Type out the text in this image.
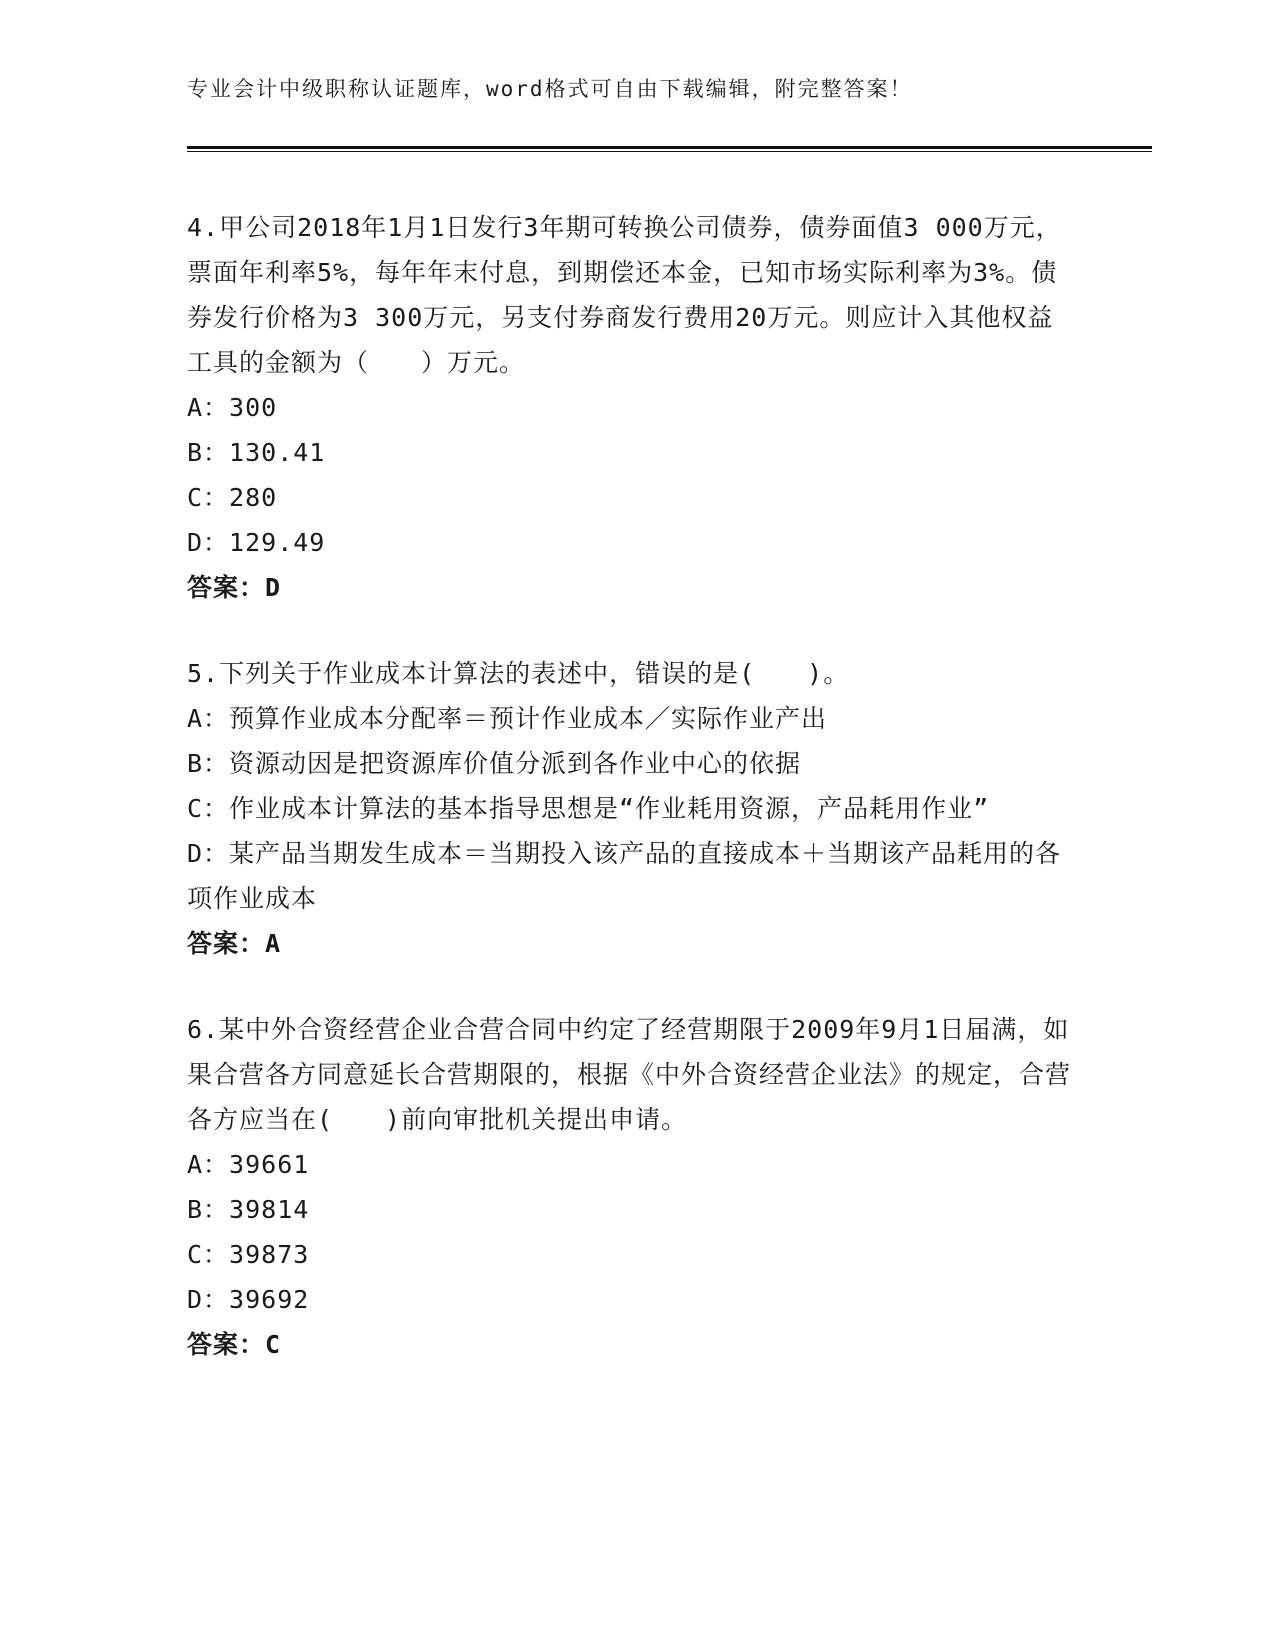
专业会计中级职称认证题库，word格式可自由下载编辑，附完整答案！

4.甲公司2018年1月1日发行3年期可转换公司债券，债券面值3 000万元，票面年利率5%，每年年末付息，到期偿还本金，已知市场实际利率为3%。债券发行价格为3 300万元，另支付券商发行费用20万元。则应计入其他权益工具的金额为（　　）万元。

A：300

B：130.41

C：280

D：129.49

答案：D

5.下列关于作业成本计算法的表述中，错误的是(　　)。

A：预算作业成本分配率＝预计作业成本／实际作业产出

B：资源动因是把资源库价值分派到各作业中心的依据

C：作业成本计算法的基本指导思想是“作业耗用资源，产品耗用作业”

D：某产品当期发生成本＝当期投入该产品的直接成本＋当期该产品耗用的各项作业成本

答案：A

6.某中外合资经营企业合营合同中约定了经营期限于2009年9月1日届满，如果合营各方同意延长合营期限的，根据《中外合资经营企业法》的规定，合营各方应当在(　　)前向审批机关提出申请。

A：39661

B：39814

C：39873

D：39692

答案：C
